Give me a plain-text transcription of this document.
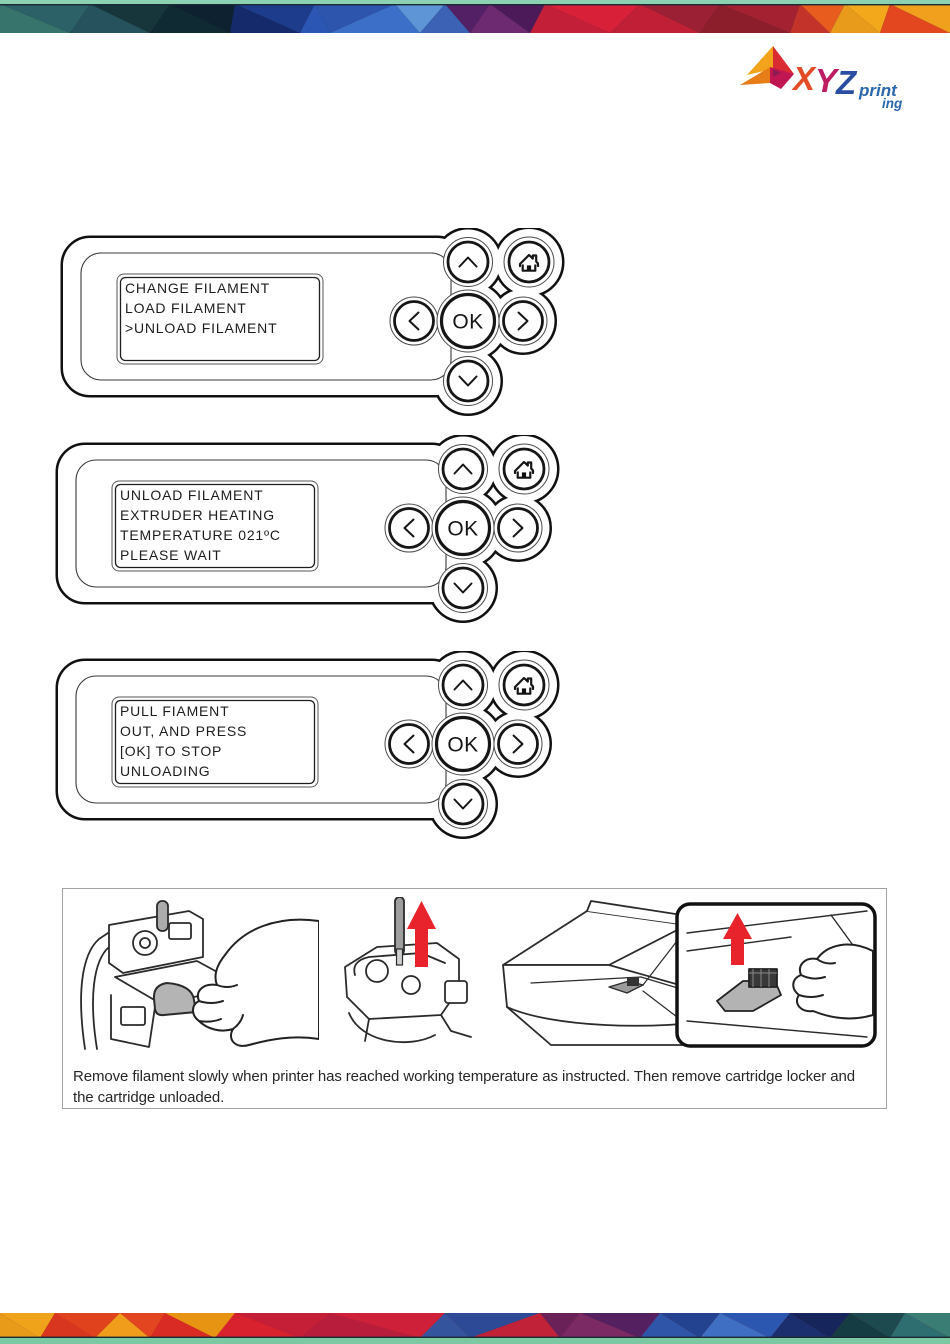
X Y
Z print
ing
CHANGE FILAMENT
LOAD FILAMENT
>UNLOAD FILAMENT	OK
UNLOAD FILAMENT
EXTRUDER HEATING
TEMPERATURE 021ºC
PLEASE WAIT
OK
PULL FIAMENT
OUT, AND PRESS
[OK] TO STOP
UNLOADING
OK
Remove filament slowly when printer has reached working temperature as instructed. Then remove cartridge locker and the cartridge unloaded.
